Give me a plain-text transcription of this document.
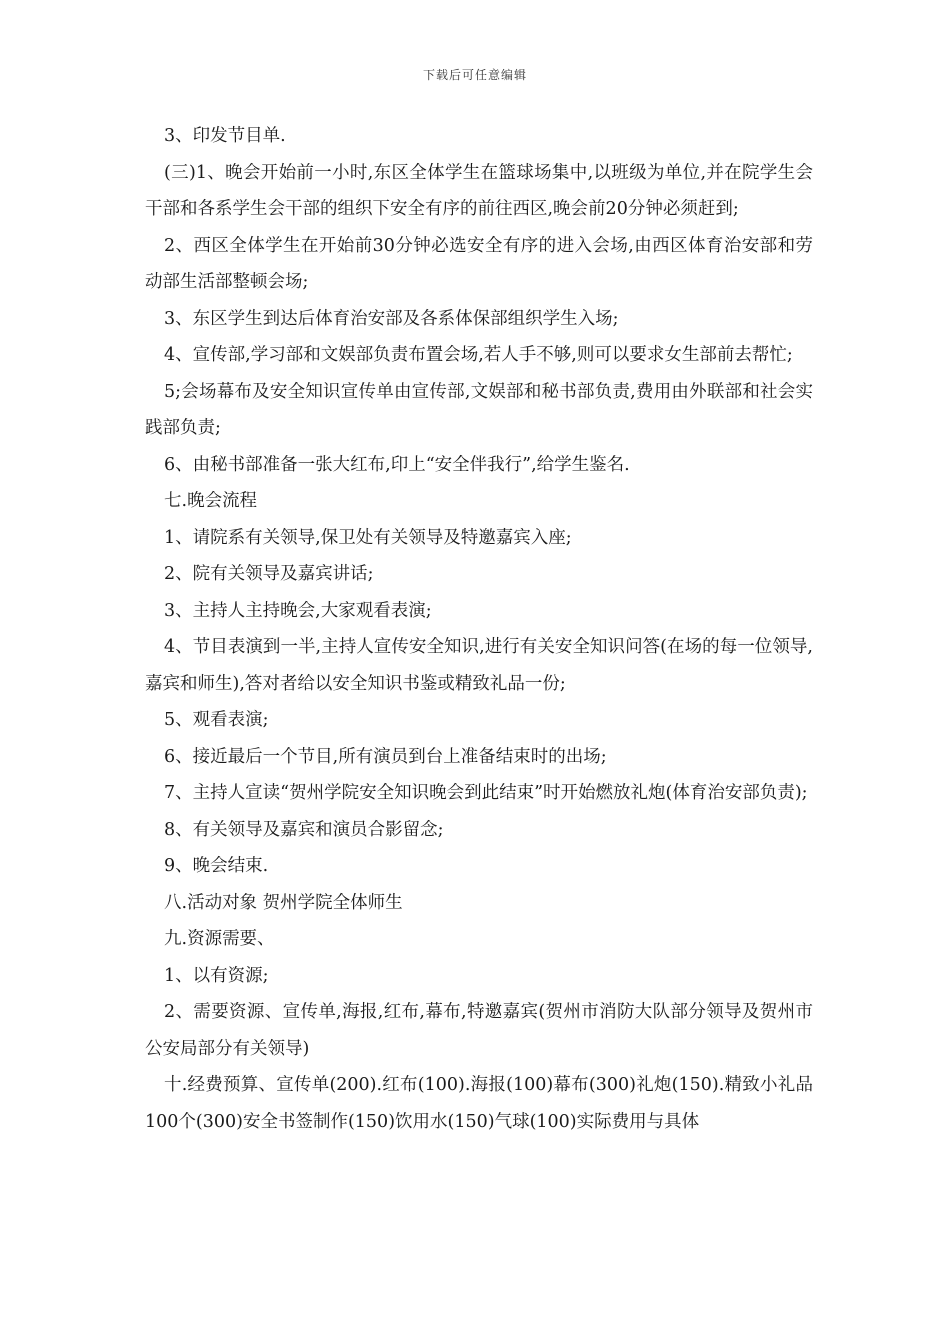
下载后可任意编辑

3、印发节目单.

(三)1、晚会开始前一小时,东区全体学生在篮球场集中,以班级为单位,并在院学生会干部和各系学生会干部的组织下安全有序的前往西区,晚会前20分钟必须赶到;

2、西区全体学生在开始前30分钟必选安全有序的进入会场,由西区体育治安部和劳动部生活部整顿会场;

3、东区学生到达后体育治安部及各系体保部组织学生入场;

4、宣传部,学习部和文娱部负责布置会场,若人手不够,则可以要求女生部前去帮忙;

5;会场幕布及安全知识宣传单由宣传部,文娱部和秘书部负责,费用由外联部和社会实践部负责;

6、由秘书部准备一张大红布,印上“安全伴我行”,给学生鉴名.

七.晚会流程

1、请院系有关领导,保卫处有关领导及特邀嘉宾入座;

2、院有关领导及嘉宾讲话;

3、主持人主持晚会,大家观看表演;

4、节目表演到一半,主持人宣传安全知识,进行有关安全知识问答(在场的每一位领导,嘉宾和师生),答对者给以安全知识书鉴或精致礼品一份;

5、观看表演;

6、接近最后一个节目,所有演员到台上准备结束时的出场;

7、主持人宣读“贺州学院安全知识晚会到此结束”时开始燃放礼炮(体育治安部负责);

8、有关领导及嘉宾和演员合影留念;

9、晚会结束.

八.活动对象 贺州学院全体师生

九.资源需要、

1、以有资源;

2、需要资源、宣传单,海报,红布,幕布,特邀嘉宾(贺州市消防大队部分领导及贺州市公安局部分有关领导)

十.经费预算、宣传单(200).红布(100).海报(100)幕布(300)礼炮(150).精致小礼品100个(300)安全书签制作(150)饮用水(150)气球(100)实际费用与具体
